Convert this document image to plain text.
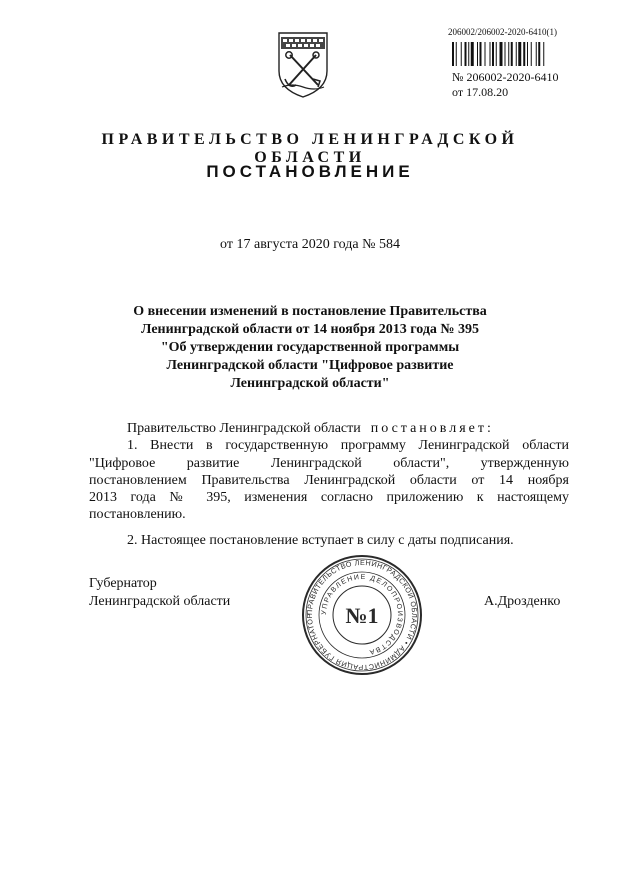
206002/206002-2020-6410(1)
№ 206002-2020-6410
от 17.08.20
ПРАВИТЕЛЬСТВО ЛЕНИНГРАДСКОЙ ОБЛАСТИ
ПОСТАНОВЛЕНИЕ
от 17 августа 2020 года № 584
О внесении изменений в постановление Правительства
Ленинградской области от 14 ноября 2013 года № 395
"Об утверждении государственной программы
Ленинградской области "Цифровое развитие
Ленинградской области"
Правительство Ленинградской области постановляет:
1. Внести в государственную программу Ленинградской области
"Цифровое развитие Ленинградской области", утвержденную
постановлением Правительства Ленинградской области от 14 ноября
2013 года № 395, изменения согласно приложению к настоящему
постановлению.
2. Настоящее постановление вступает в силу с даты подписания.
Губернатор
Ленинградской области	А.Дрозденко
ПРАВИТЕЛЬСТВО ЛЕНИНГРАДСКОЙ ОБЛАСТИ • АДМИНИСТРАЦИЯ ГУБЕРНАТОР
УПРАВЛЕНИЕ ДЕЛОПРОИЗВОДСТВА
№1
